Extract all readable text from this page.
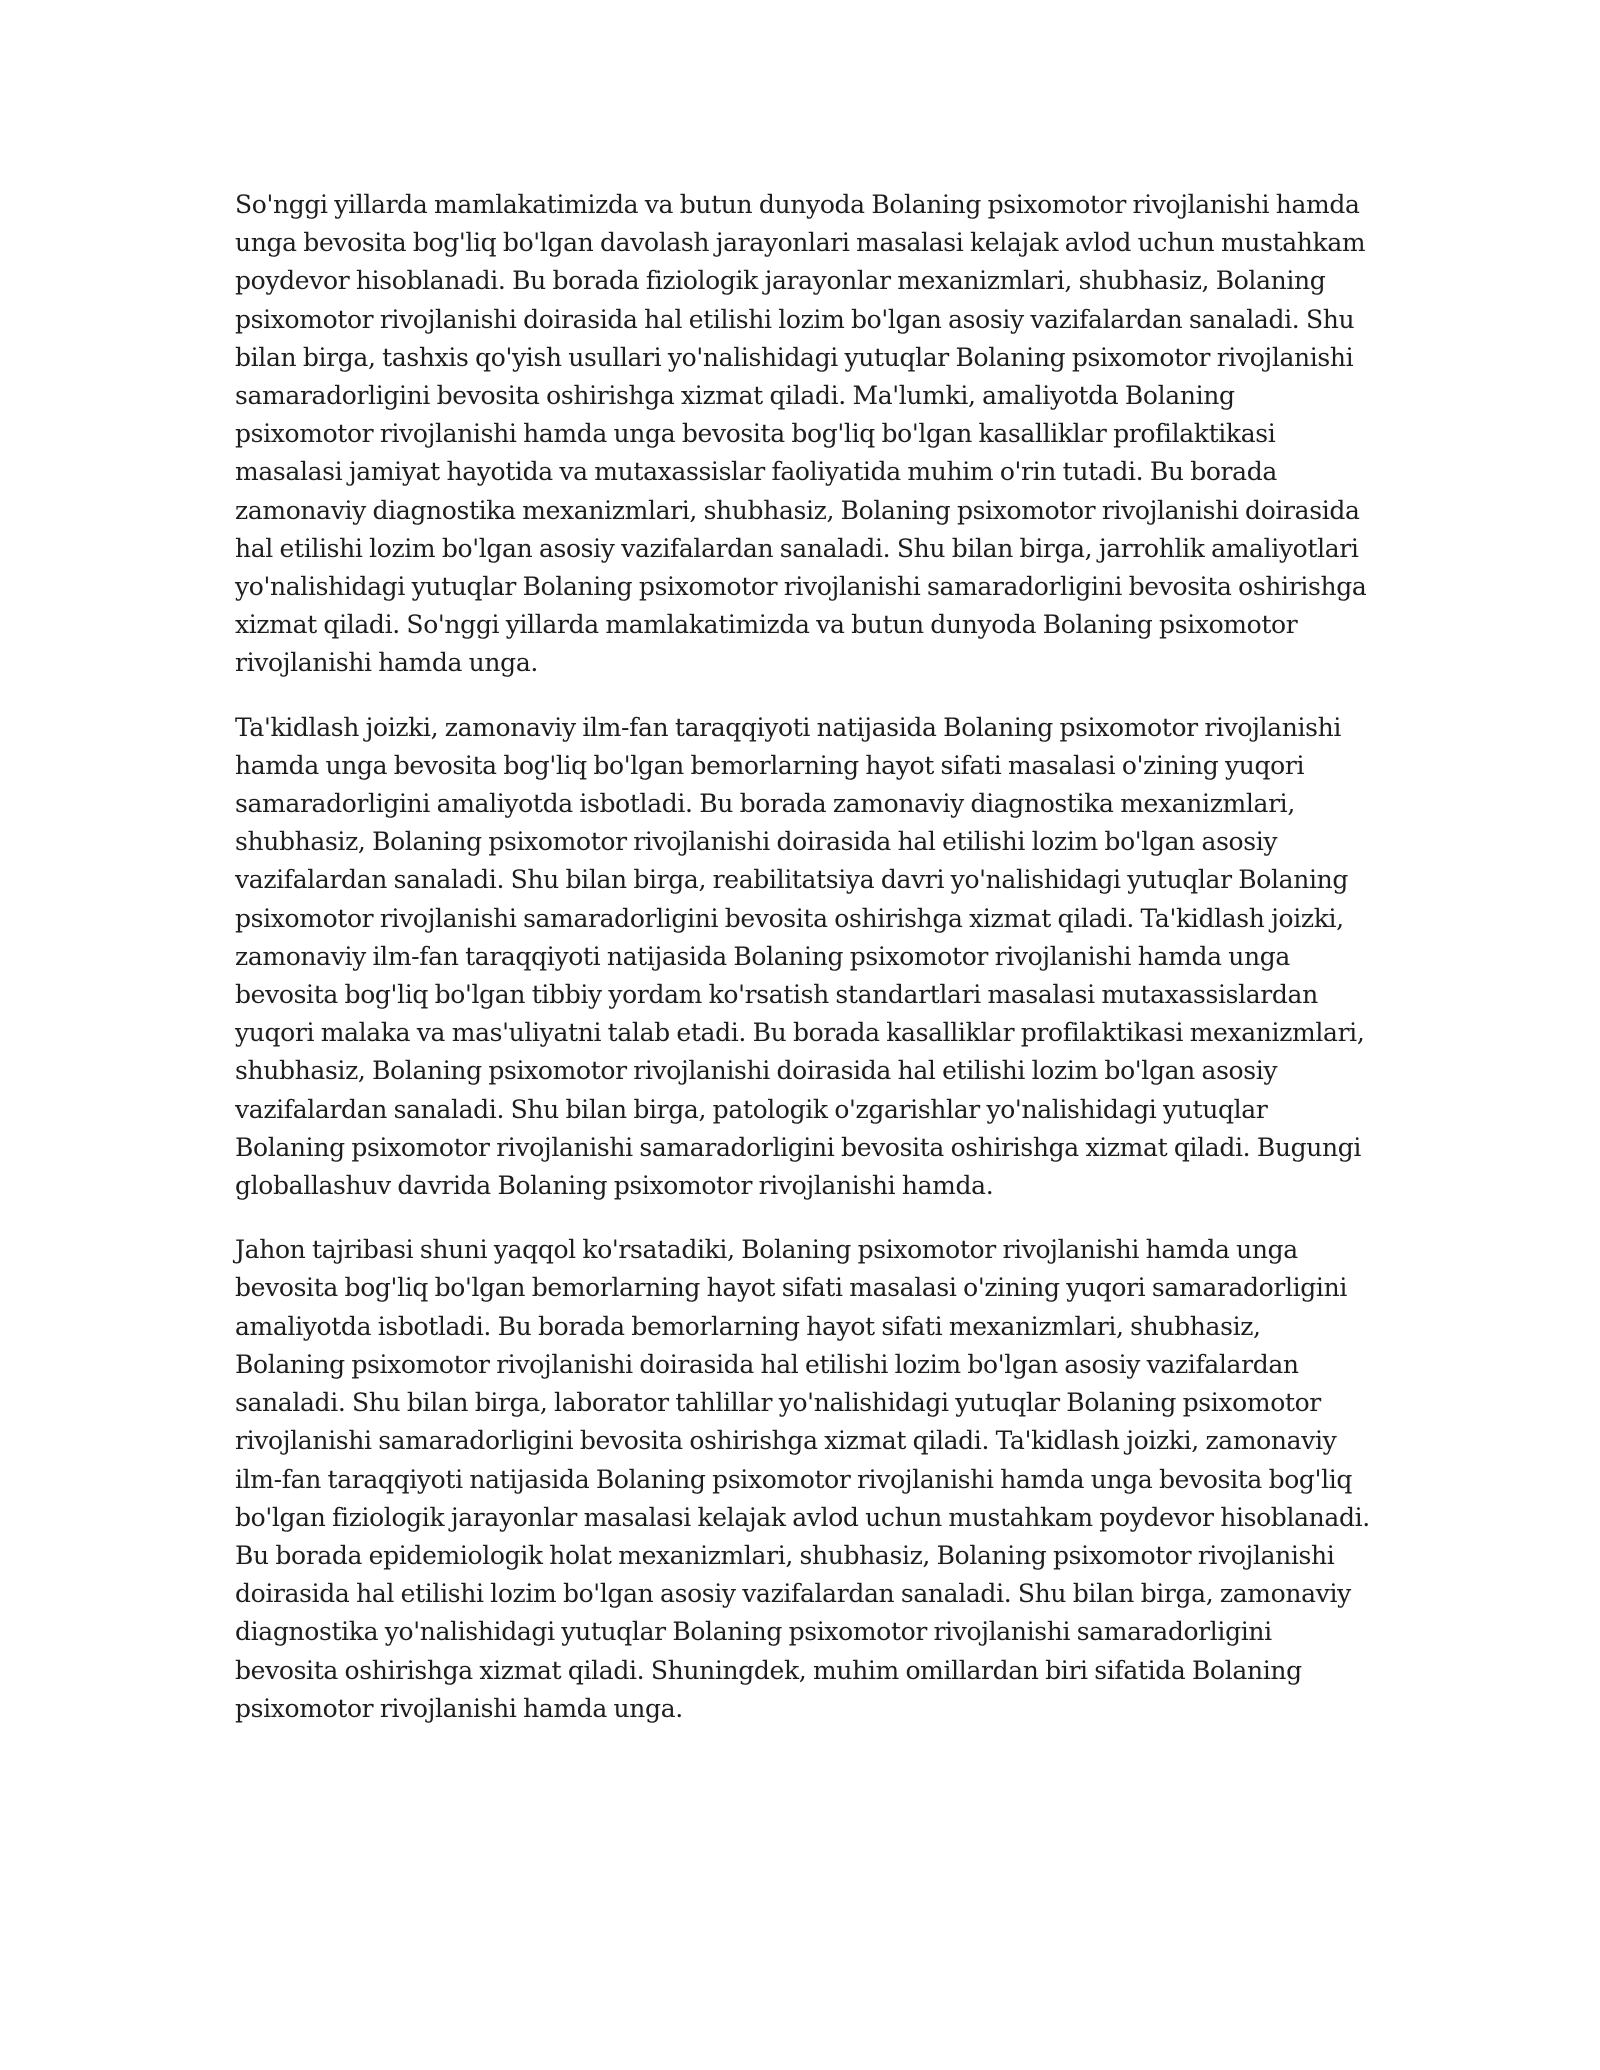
So'nggi yillarda mamlakatimizda va butun dunyoda Bolaning psixomotor rivojlanishi hamda unga bevosita bog'liq bo'lgan davolash jarayonlari masalasi kelajak avlod uchun mustahkam poydevor hisoblanadi. Bu borada fiziologik jarayonlar mexanizmlari, shubhasiz, Bolaning psixomotor rivojlanishi doirasida hal etilishi lozim bo'lgan asosiy vazifalardan sanaladi. Shu bilan birga, tashxis qo'yish usullari yo'nalishidagi yutuqlar Bolaning psixomotor rivojlanishi samaradorligini bevosita oshirishga xizmat qiladi. Ma'lumki, amaliyotda Bolaning psixomotor rivojlanishi hamda unga bevosita bog'liq bo'lgan kasalliklar profilaktikasi masalasi jamiyat hayotida va mutaxassislar faoliyatida muhim o'rin tutadi. Bu borada zamonaviy diagnostika mexanizmlari, shubhasiz, Bolaning psixomotor rivojlanishi doirasida hal etilishi lozim bo'lgan asosiy vazifalardan sanaladi. Shu bilan birga, jarrohlik amaliyotlari yo'nalishidagi yutuqlar Bolaning psixomotor rivojlanishi samaradorligini bevosita oshirishga xizmat qiladi. So'nggi yillarda mamlakatimizda va butun dunyoda Bolaning psixomotor rivojlanishi hamda unga.

Ta'kidlash joizki, zamonaviy ilm-fan taraqqiyoti natijasida Bolaning psixomotor rivojlanishi hamda unga bevosita bog'liq bo'lgan bemorlarning hayot sifati masalasi o'zining yuqori samaradorligini amaliyotda isbotladi. Bu borada zamonaviy diagnostika mexanizmlari, shubhasiz, Bolaning psixomotor rivojlanishi doirasida hal etilishi lozim bo'lgan asosiy vazifalardan sanaladi. Shu bilan birga, reabilitatsiya davri yo'nalishidagi yutuqlar Bolaning psixomotor rivojlanishi samaradorligini bevosita oshirishga xizmat qiladi. Ta'kidlash joizki, zamonaviy ilm-fan taraqqiyoti natijasida Bolaning psixomotor rivojlanishi hamda unga bevosita bog'liq bo'lgan tibbiy yordam ko'rsatish standartlari masalasi mutaxassislardan yuqori malaka va mas'uliyatni talab etadi. Bu borada kasalliklar profilaktikasi mexanizmlari, shubhasiz, Bolaning psixomotor rivojlanishi doirasida hal etilishi lozim bo'lgan asosiy vazifalardan sanaladi. Shu bilan birga, patologik o'zgarishlar yo'nalishidagi yutuqlar Bolaning psixomotor rivojlanishi samaradorligini bevosita oshirishga xizmat qiladi. Bugungi globallashuv davrida Bolaning psixomotor rivojlanishi hamda.

Jahon tajribasi shuni yaqqol ko'rsatadiki, Bolaning psixomotor rivojlanishi hamda unga bevosita bog'liq bo'lgan bemorlarning hayot sifati masalasi o'zining yuqori samaradorligini amaliyotda isbotladi. Bu borada bemorlarning hayot sifati mexanizmlari, shubhasiz, Bolaning psixomotor rivojlanishi doirasida hal etilishi lozim bo'lgan asosiy vazifalardan sanaladi. Shu bilan birga, laborator tahlillar yo'nalishidagi yutuqlar Bolaning psixomotor rivojlanishi samaradorligini bevosita oshirishga xizmat qiladi. Ta'kidlash joizki, zamonaviy ilm-fan taraqqiyoti natijasida Bolaning psixomotor rivojlanishi hamda unga bevosita bog'liq bo'lgan fiziologik jarayonlar masalasi kelajak avlod uchun mustahkam poydevor hisoblanadi. Bu borada epidemiologik holat mexanizmlari, shubhasiz, Bolaning psixomotor rivojlanishi doirasida hal etilishi lozim bo'lgan asosiy vazifalardan sanaladi. Shu bilan birga, zamonaviy diagnostika yo'nalishidagi yutuqlar Bolaning psixomotor rivojlanishi samaradorligini bevosita oshirishga xizmat qiladi. Shuningdek, muhim omillardan biri sifatida Bolaning psixomotor rivojlanishi hamda unga.
